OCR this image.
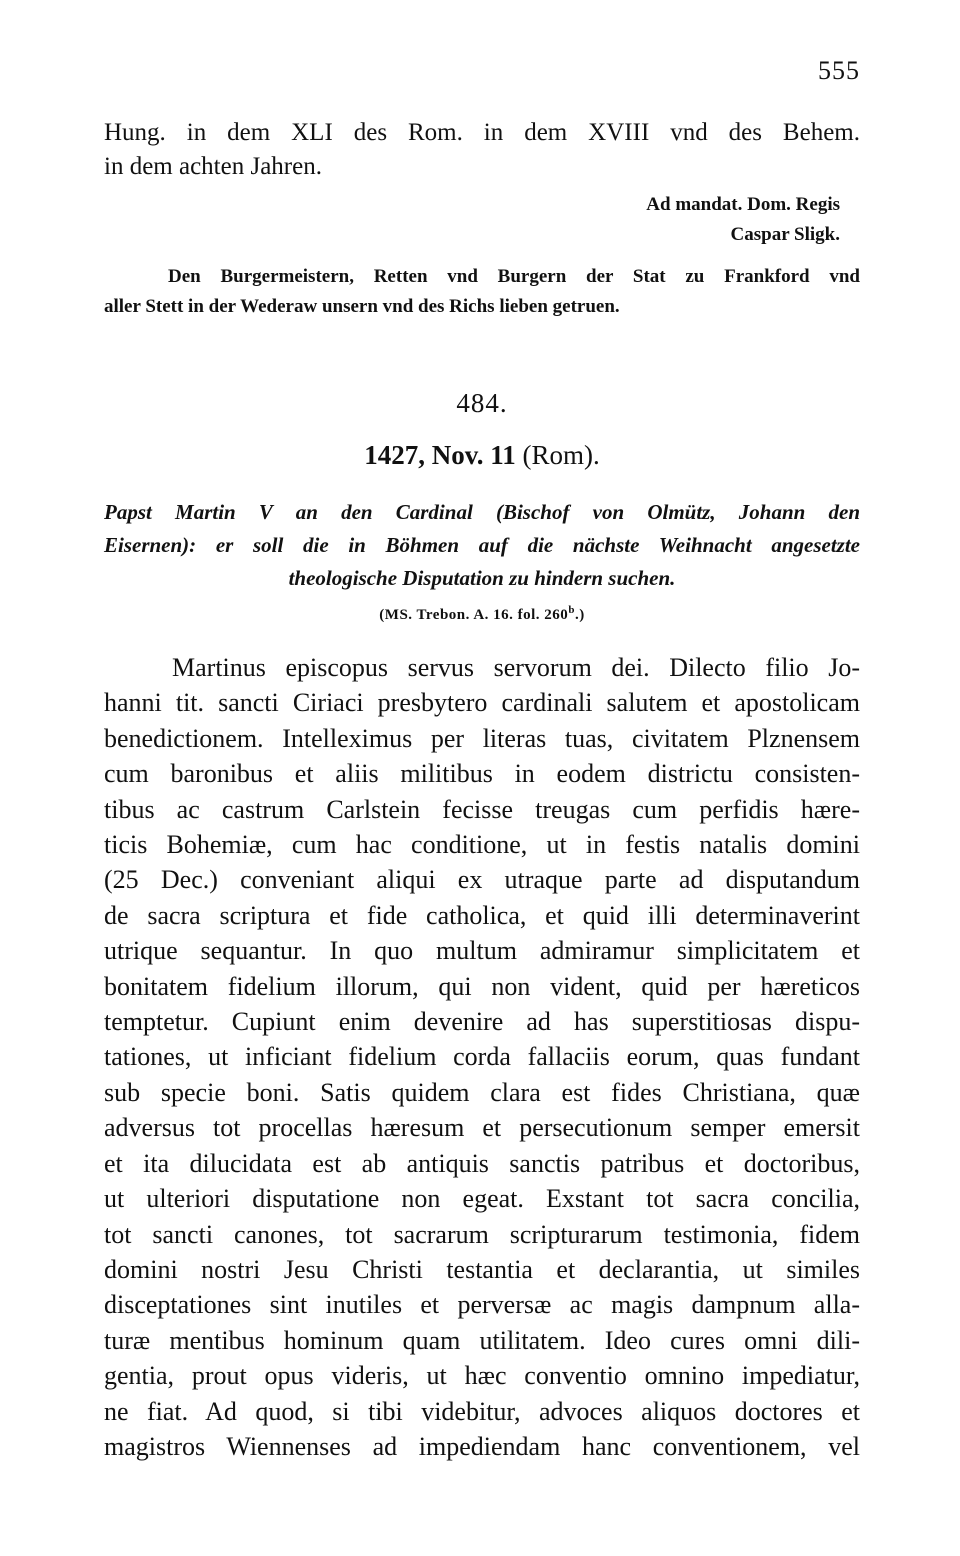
555
Hung. in dem XLI des Rom. in dem XVIII vnd des Behem.
in dem achten Jahren.
Ad mandat. Dom. Regis
Caspar Sligk.
Den Burgermeistern, Retten vnd Burgern der Stat zu Frankford vnd
aller Stett in der Wederaw unsern vnd des Richs lieben getruen.
484.
1427, Nov. 11 (Rom).
Papst Martin V an den Cardinal (Bischof von Olmütz, Johann den
Eisernen): er soll die in Böhmen auf die nächste Weihnacht angesetzte
theologische Disputation zu hindern suchen.
(MS. Trebon. A. 16. fol. 260$^b$.)
Martinus episcopus servus servorum dei. Dilecto filio Jo-
hanni tit. sancti Ciriaci presbytero cardinali salutem et apostolicam
benedictionem. Intelleximus per literas tuas, civitatem Plznensem
cum baronibus et aliis militibus in eodem districtu consisten-
tibus ac castrum Carlstein fecisse treugas cum perfidis hære-
ticis Bohemiæ, cum hac conditione, ut in festis natalis domini
(25 Dec.) conveniant aliqui ex utraque parte ad disputandum
de sacra scriptura et fide catholica, et quid illi determinaverint
utrique sequantur. In quo multum admiramur simplicitatem et
bonitatem fidelium illorum, qui non vident, quid per hæreticos
temptetur. Cupiunt enim devenire ad has superstitiosas dispu-
tationes, ut inficiant fidelium corda fallaciis eorum, quas fundant
sub specie boni. Satis quidem clara est fides Christiana, quæ
adversus tot procellas hæresum et persecutionum semper emersit
et ita dilucidata est ab antiquis sanctis patribus et doctoribus,
ut ulteriori disputatione non egeat. Exstant tot sacra concilia,
tot sancti canones, tot sacrarum scripturarum testimonia, fidem
domini nostri Jesu Christi testantia et declarantia, ut similes
disceptationes sint inutiles et perversæ ac magis dampnum alla-
turæ mentibus hominum quam utilitatem. Ideo cures omni dili-
gentia, prout opus videris, ut hæc conventio omnino impediatur,
ne fiat. Ad quod, si tibi videbitur, advoces aliquos doctores et
magistros Wiennenses ad impediendam hanc conventionem, vel
